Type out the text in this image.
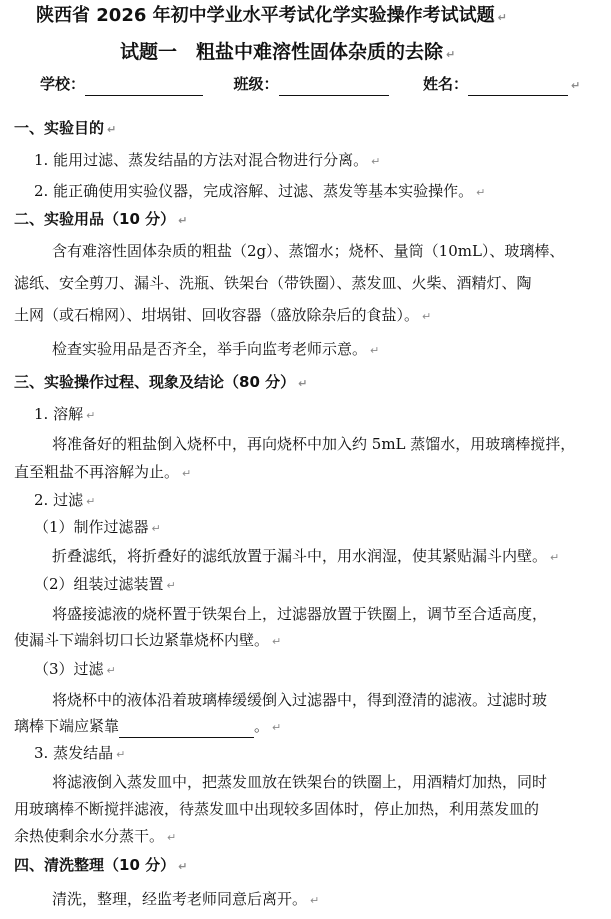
陕西省 2026 年初中学业水平考试化学实验操作考试试题 ↵
试题一　粗盐中难溶性固体杂质的去除 ↵
学校：	班级：	姓名：	↵
一、实验目的 ↵
1. 能用过滤、蒸发结晶的方法对混合物进行分离。 ↵
2. 能正确使用实验仪器，完成溶解、过滤、蒸发等基本实验操作。 ↵
二、实验用品（10 分） ↵
含有难溶性固体杂质的粗盐（2g）、蒸馏水；烧杯、量筒（10mL）、玻璃棒、
滤纸、安全剪刀、漏斗、洗瓶、铁架台（带铁圈）、蒸发皿、火柴、酒精灯、陶
土网（或石棉网）、坩埚钳、回收容器（盛放除杂后的食盐）。 ↵
检查实验用品是否齐全，举手向监考老师示意。 ↵
三、实验操作过程、现象及结论（80 分） ↵
1. 溶解 ↵
将准备好的粗盐倒入烧杯中，再向烧杯中加入约 5mL 蒸馏水，用玻璃棒搅拌，
直至粗盐不再溶解为止。 ↵
2. 过滤 ↵
（1）制作过滤器 ↵
折叠滤纸，将折叠好的滤纸放置于漏斗中，用水润湿，使其紧贴漏斗内壁。 ↵
（2）组装过滤装置 ↵
将盛接滤液的烧杯置于铁架台上，过滤器放置于铁圈上，调节至合适高度，
使漏斗下端斜切口长边紧靠烧杯内壁。 ↵
（3）过滤 ↵
将烧杯中的液体沿着玻璃棒缓缓倒入过滤器中，得到澄清的滤液。过滤时玻
璃棒下端应紧靠	。 ↵
3. 蒸发结晶 ↵
将滤液倒入蒸发皿中，把蒸发皿放在铁架台的铁圈上，用酒精灯加热，同时
用玻璃棒不断搅拌滤液，待蒸发皿中出现较多固体时，停止加热，利用蒸发皿的
余热使剩余水分蒸干。 ↵
四、清洗整理（10 分） ↵
清洗，整理，经监考老师同意后离开。 ↵
